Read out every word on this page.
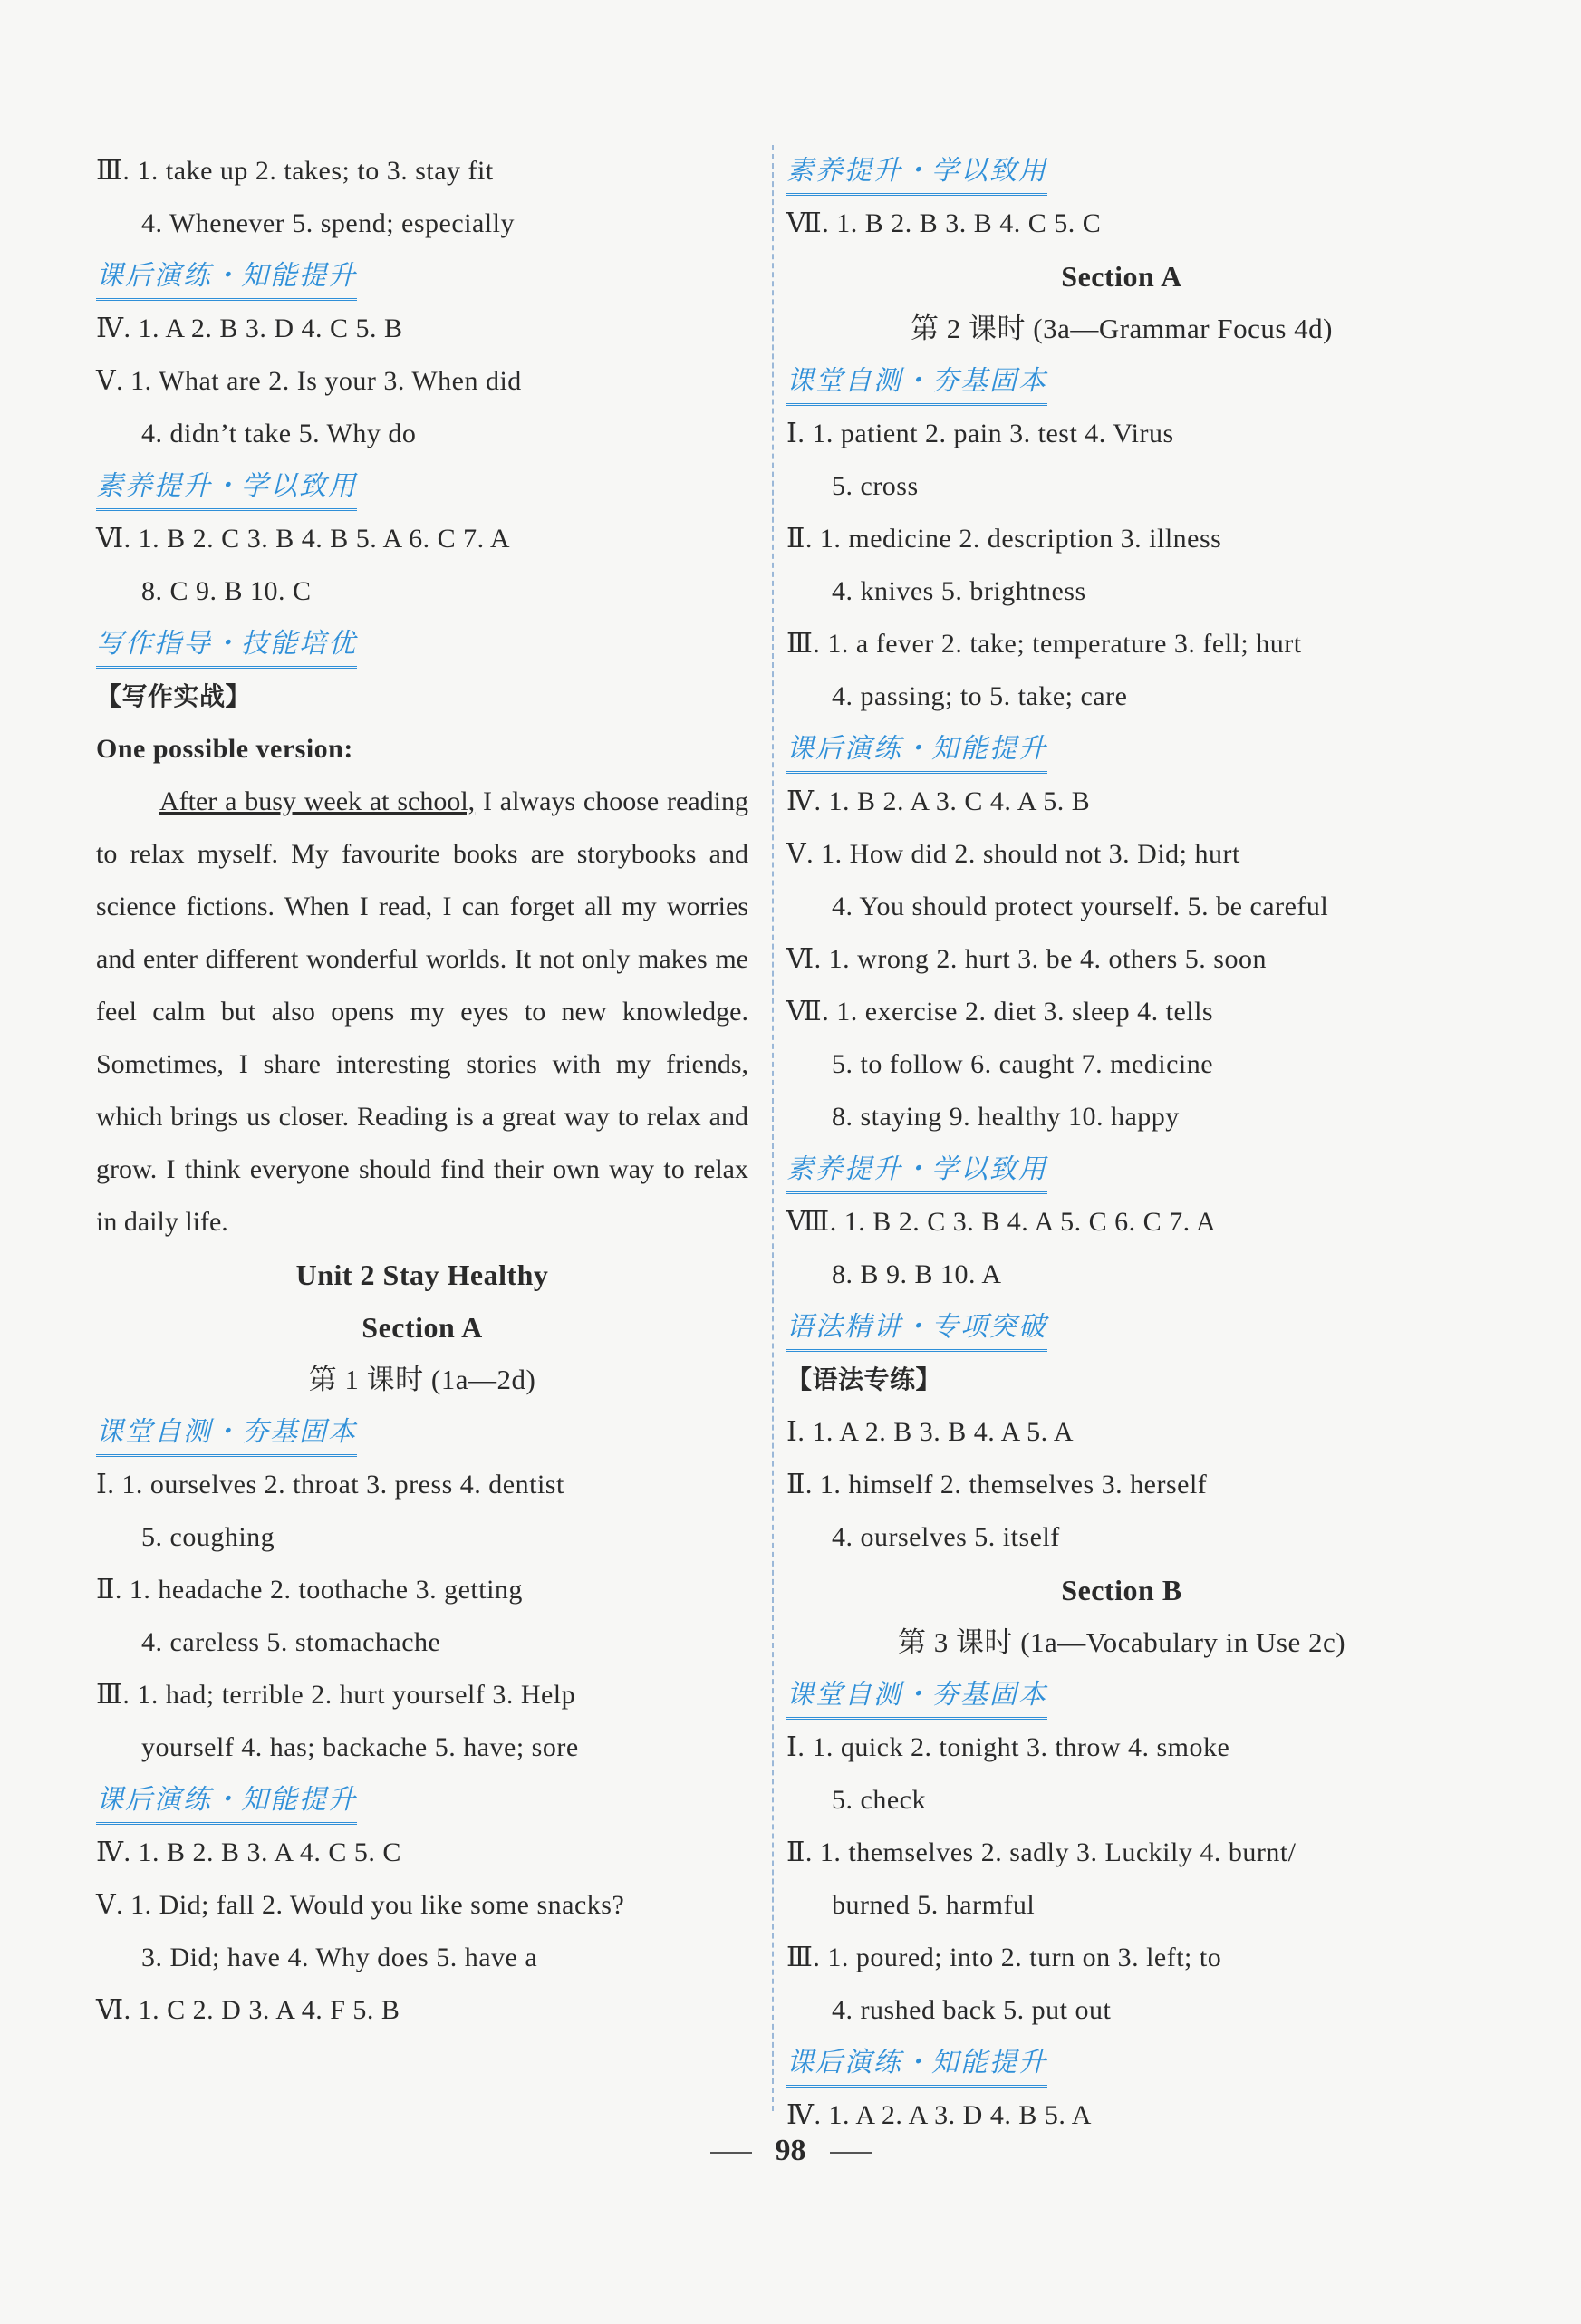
Ⅲ. 1. take up 2. takes; to 3. stay fit
4. Whenever 5. spend; especially
课后演练・知能提升
Ⅳ. 1. A 2. B 3. D 4. C 5. B
Ⅴ. 1. What are 2. Is your 3. When did
4. didn’t take 5. Why do
素养提升・学以致用
Ⅵ. 1. B 2. C 3. B 4. B 5. A 6. C 7. A
8. C 9. B 10. C
写作指导・技能培优
【写作实战】
One possible version:

After a busy week at school, I always choose reading to relax myself. My favourite books are storybooks and science fictions. When I read, I can forget all my worries and enter different wonderful worlds. It not only makes me feel calm but also opens my eyes to new knowledge. Sometimes, I share interesting stories with my friends, which brings us closer. Reading is a great way to relax and grow. I think everyone should find their own way to relax in daily life.

Unit 2 Stay Healthy
Section A
第 1 课时 (1a—2d)
课堂自测・夯基固本
Ⅰ. 1. ourselves 2. throat 3. press 4. dentist
5. coughing
Ⅱ. 1. headache 2. toothache 3. getting
4. careless 5. stomachache
Ⅲ. 1. had; terrible 2. hurt yourself 3. Help
yourself 4. has; backache 5. have; sore
课后演练・知能提升
Ⅳ. 1. B 2. B 3. A 4. C 5. C
Ⅴ. 1. Did; fall 2. Would you like some snacks?
3. Did; have 4. Why does 5. have a
Ⅵ. 1. C 2. D 3. A 4. F 5. B
素养提升・学以致用
Ⅶ. 1. B 2. B 3. B 4. C 5. C
Section A
第 2 课时 (3a—Grammar Focus 4d)
课堂自测・夯基固本
Ⅰ. 1. patient 2. pain 3. test 4. Virus
5. cross
Ⅱ. 1. medicine 2. description 3. illness
4. knives 5. brightness
Ⅲ. 1. a fever 2. take; temperature 3. fell; hurt
4. passing; to 5. take; care
课后演练・知能提升
Ⅳ. 1. B 2. A 3. C 4. A 5. B
Ⅴ. 1. How did 2. should not 3. Did; hurt
4. You should protect yourself. 5. be careful
Ⅵ. 1. wrong 2. hurt 3. be 4. others 5. soon
Ⅶ. 1. exercise 2. diet 3. sleep 4. tells
5. to follow 6. caught 7. medicine
8. staying 9. healthy 10. happy
素养提升・学以致用
Ⅷ. 1. B 2. C 3. B 4. A 5. C 6. C 7. A
8. B 9. B 10. A
语法精讲・专项突破
【语法专练】
Ⅰ. 1. A 2. B 3. B 4. A 5. A
Ⅱ. 1. himself 2. themselves 3. herself
4. ourselves 5. itself
Section B
第 3 课时 (1a—Vocabulary in Use 2c)
课堂自测・夯基固本
Ⅰ. 1. quick 2. tonight 3. throw 4. smoke
5. check
Ⅱ. 1. themselves 2. sadly 3. Luckily 4. burnt/
burned 5. harmful
Ⅲ. 1. poured; into 2. turn on 3. left; to
4. rushed back 5. put out
课后演练・知能提升
Ⅳ. 1. A 2. A 3. D 4. B 5. A
98
